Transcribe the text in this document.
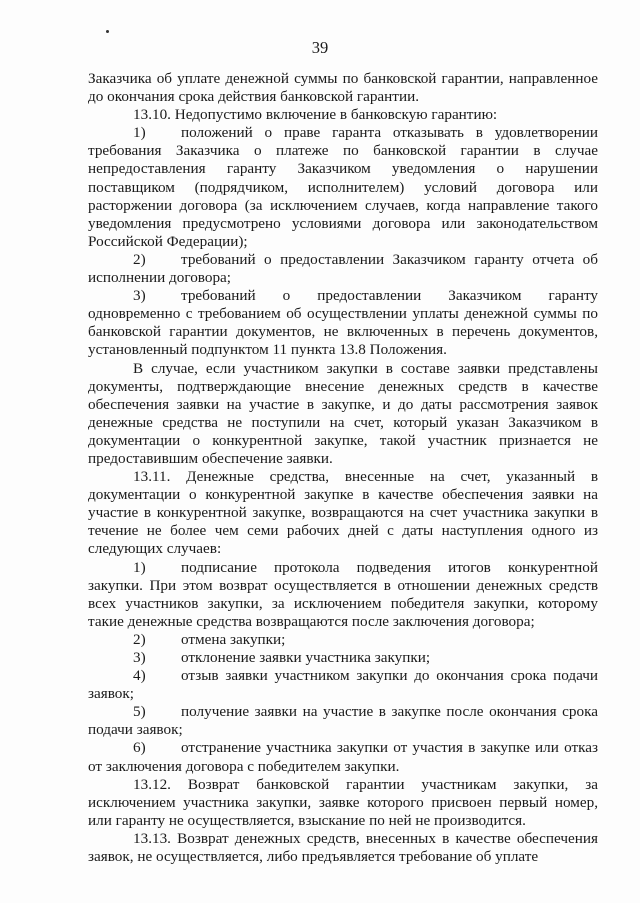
39

Заказчика об уплате денежной суммы по банковской гарантии, направленное до окончания срока действия банковской гарантии.

13.10. Недопустимо включение в банковскую гарантию:

1) положений о праве гаранта отказывать в удовлетворении требования Заказчика о платеже по банковской гарантии в случае непредоставления гаранту Заказчиком уведомления о нарушении поставщиком (подрядчиком, исполнителем) условий договора или расторжении договора (за исключением случаев, когда направление такого уведомления предусмотрено условиями договора или законодательством Российской Федерации);

2) требований о предоставлении Заказчиком гаранту отчета об исполнении договора;

3) требований о предоставлении Заказчиком гаранту одновременно с требованием об осуществлении уплаты денежной суммы по банковской гарантии документов, не включенных в перечень документов, установленный подпунктом 11 пункта 13.8 Положения.

В случае, если участником закупки в составе заявки представлены документы, подтверждающие внесение денежных средств в качестве обеспечения заявки на участие в закупке, и до даты рассмотрения заявок денежные средства не поступили на счет, который указан Заказчиком в документации о конкурентной закупке, такой участник признается не предоставившим обеспечение заявки.

13.11. Денежные средства, внесенные на счет, указанный в документации о конкурентной закупке в качестве обеспечения заявки на участие в конкурентной закупке, возвращаются на счет участника закупки в течение не более чем семи рабочих дней с даты наступления одного из следующих случаев:

1) подписание протокола подведения итогов конкурентной закупки. При этом возврат осуществляется в отношении денежных средств всех участников закупки, за исключением победителя закупки, которому такие денежные средства возвращаются после заключения договора;

2) отмена закупки;

3) отклонение заявки участника закупки;

4) отзыв заявки участником закупки до окончания срока подачи заявок;

5) получение заявки на участие в закупке после окончания срока подачи заявок;

6) отстранение участника закупки от участия в закупке или отказ от заключения договора с победителем закупки.

13.12. Возврат банковской гарантии участникам закупки, за исключением участника закупки, заявке которого присвоен первый номер, или гаранту не осуществляется, взыскание по ней не производится.

13.13. Возврат денежных средств, внесенных в качестве обеспечения заявок, не осуществляется, либо предъявляется требование об уплате
